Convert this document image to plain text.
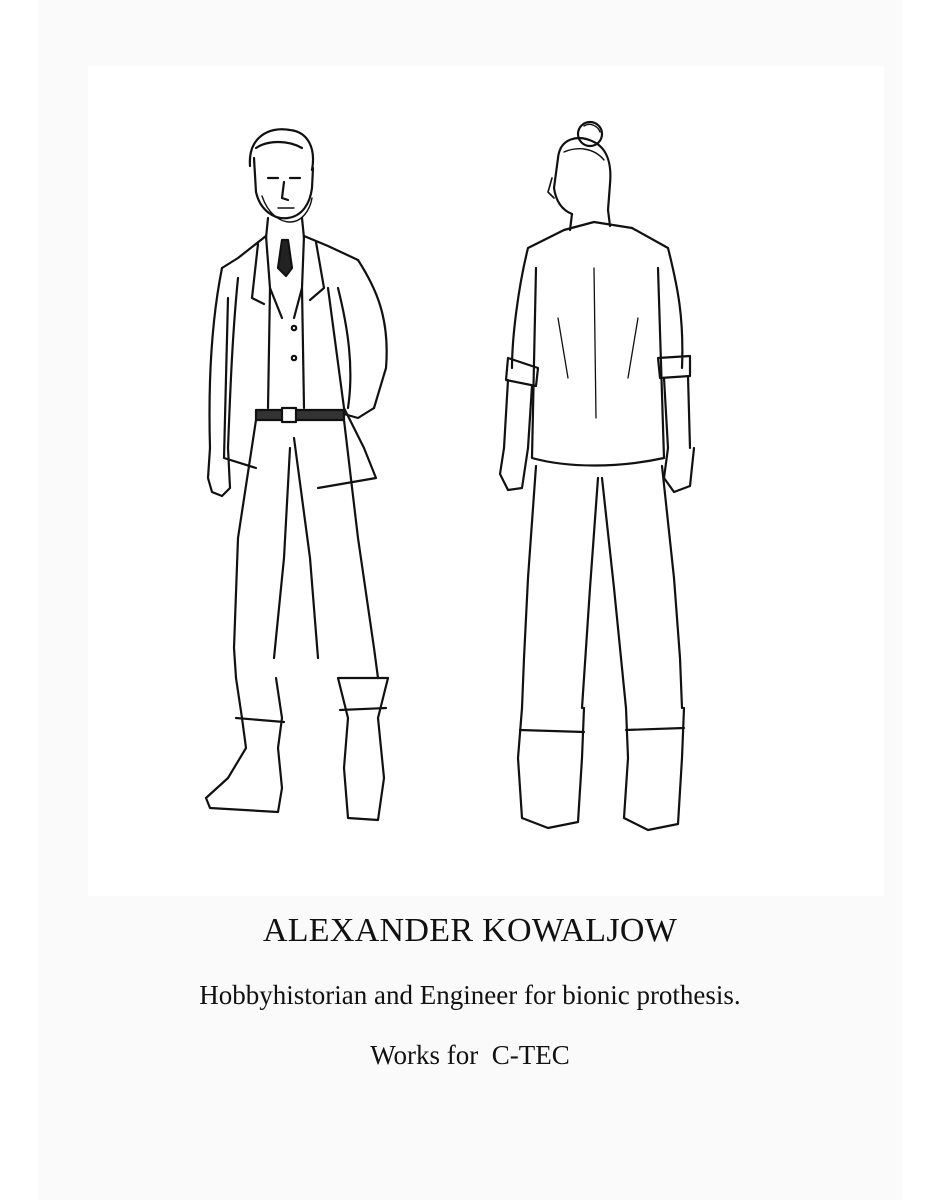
ALEXANDER KOWALJOW
Hobbyhistorian and Engineer for bionic prothesis.
Works for  C-TEC
